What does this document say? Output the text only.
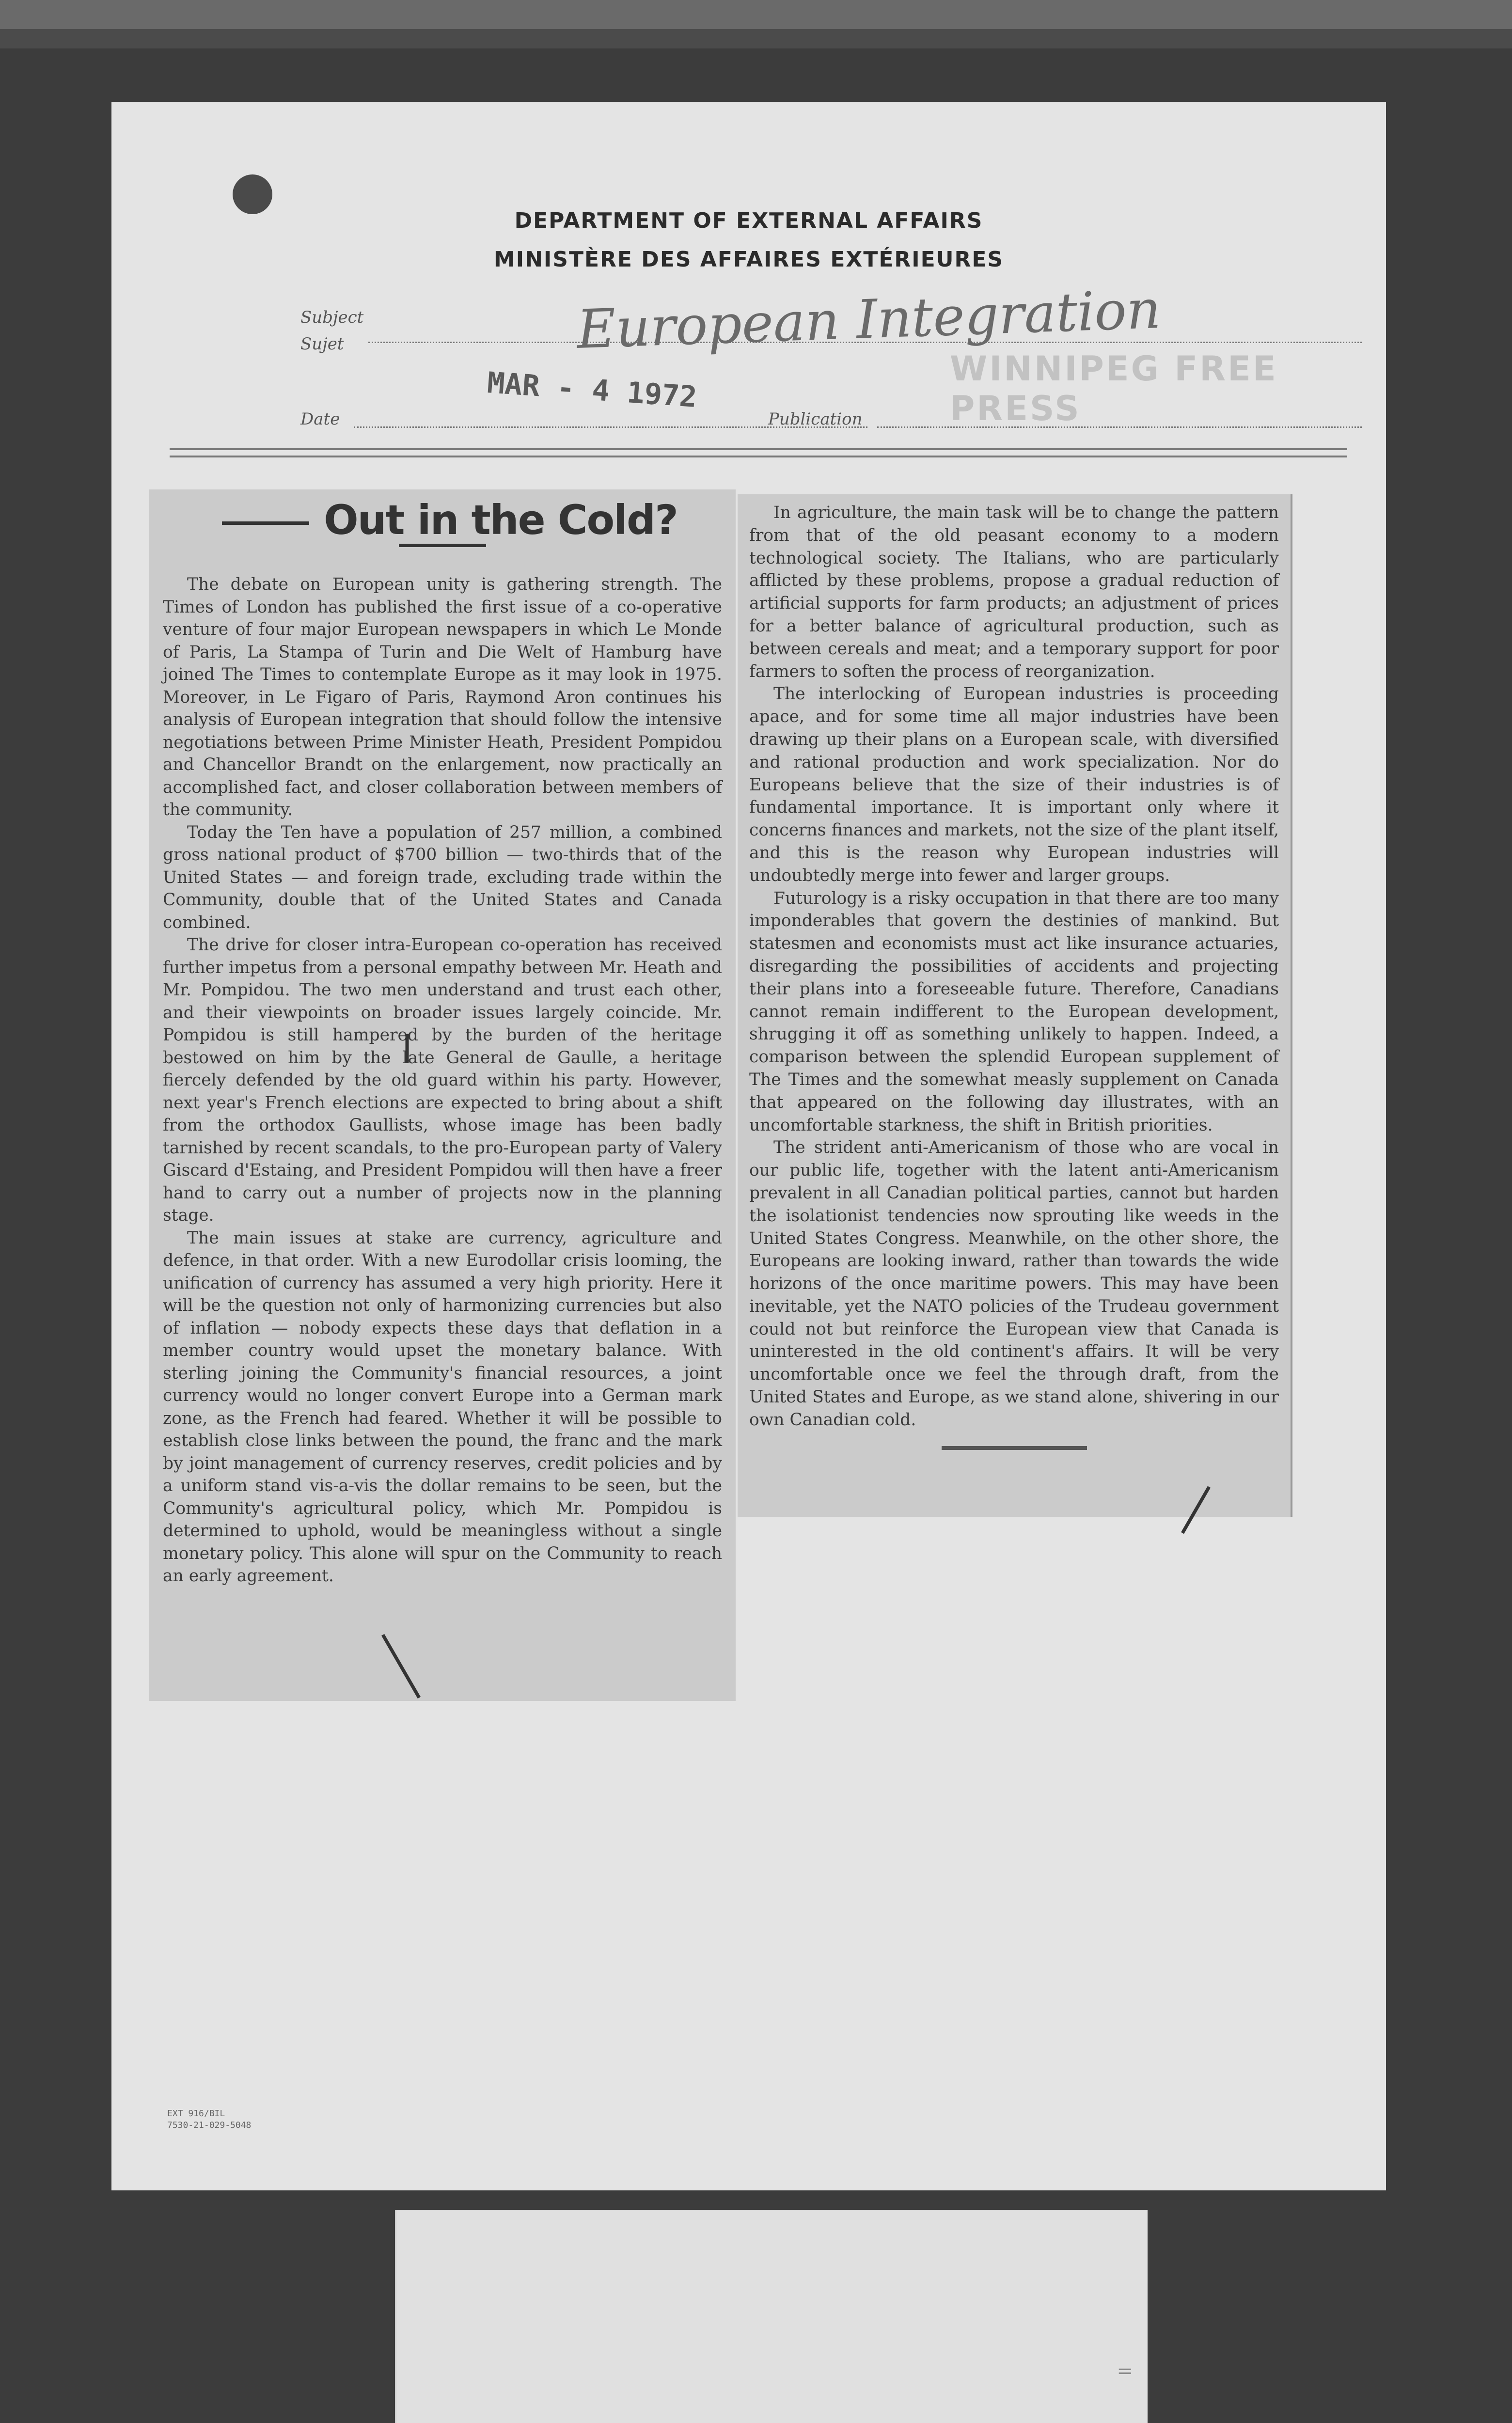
DEPARTMENT OF EXTERNAL AFFAIRS
MINISTÈRE DES AFFAIRES EXTÉRIEURES
Subject
Sujet	European Integration
WINNIPEG FREE PRESS
MAR - 4 1972
Date	Publication
Out in the Cold?

The debate on European unity is gathering strength. The Times of London has published the first issue of a co-operative venture of four major European newspapers in which Le Monde of Paris, La Stampa of Turin and Die Welt of Hamburg have joined The Times to contemplate Europe as it may look in 1975. Moreover, in Le Figaro of Paris, Raymond Aron continues his analysis of European integration that should follow the intensive negotiations between Prime Minister Heath, President Pompidou and Chancellor Brandt on the enlargement, now practically an accomplished fact, and closer collaboration between members of the community.

Today the Ten have a population of 257 million, a combined gross national product of $700 billion — two-thirds that of the United States — and foreign trade, excluding trade within the Community, double that of the United States and Canada combined.

The drive for closer intra-European co-operation has received further impetus from a personal empathy between Mr. Heath and Mr. Pompidou. The two men understand and trust each other, and their viewpoints on broader issues largely coincide. Mr. Pompidou is still hampered by the burden of the heritage bestowed on him by the late General de Gaulle, a heritage fiercely defended by the old guard within his party. However, next year's French elections are expected to bring about a shift from the orthodox Gaullists, whose image has been badly tarnished by recent scandals, to the pro-European party of Valery Giscard d'Estaing, and President Pompidou will then have a freer hand to carry out a number of projects now in the planning stage.

The main issues at stake are currency, agriculture and defence, in that order. With a new Eurodollar crisis looming, the unification of currency has assumed a very high priority. Here it will be the question not only of harmonizing currencies but also of inflation — nobody expects these days that deflation in a member country would upset the monetary balance. With sterling joining the Community's financial resources, a joint currency would no longer convert Europe into a German mark zone, as the French had feared. Whether it will be possible to establish close links between the pound, the franc and the mark by joint management of currency reserves, credit policies and by a uniform stand vis-a-vis the dollar remains to be seen, but the Community's agricultural policy, which Mr. Pompidou is determined to uphold, would be meaningless without a single monetary policy. This alone will spur on the Community to reach an early agreement.

In agriculture, the main task will be to change the pattern from that of the old peasant economy to a modern technological society. The Italians, who are particularly afflicted by these problems, propose a gradual reduction of artificial supports for farm products; an adjustment of prices for a better balance of agricultural production, such as between cereals and meat; and a temporary support for poor farmers to soften the process of reorganization.

The interlocking of European industries is proceeding apace, and for some time all major industries have been drawing up their plans on a European scale, with diversified and rational production and work specialization. Nor do Europeans believe that the size of their industries is of fundamental importance. It is important only where it concerns finances and markets, not the size of the plant itself, and this is the reason why European industries will undoubtedly merge into fewer and larger groups.

Futurology is a risky occupation in that there are too many imponderables that govern the destinies of mankind. But statesmen and economists must act like insurance actuaries, disregarding the possibilities of accidents and projecting their plans into a foreseeable future. Therefore, Canadians cannot remain indifferent to the European development, shrugging it off as something unlikely to happen. Indeed, a comparison between the splendid European supplement of The Times and the somewhat measly supplement on Canada that appeared on the following day illustrates, with an uncomfortable starkness, the shift in British priorities.

The strident anti-Americanism of those who are vocal in our public life, together with the latent anti-Americanism prevalent in all Canadian political parties, cannot but harden the isolationist tendencies now sprouting like weeds in the United States Congress. Meanwhile, on the other shore, the Europeans are looking inward, rather than towards the wide horizons of the once maritime powers. This may have been inevitable, yet the NATO policies of the Trudeau government could not but reinforce the European view that Canada is uninterested in the old continent's affairs. It will be very uncomfortable once we feel the through draft, from the United States and Europe, as we stand alone, shivering in our own Canadian cold.

EXT 916/BIL
7530-21-029-5048
=
